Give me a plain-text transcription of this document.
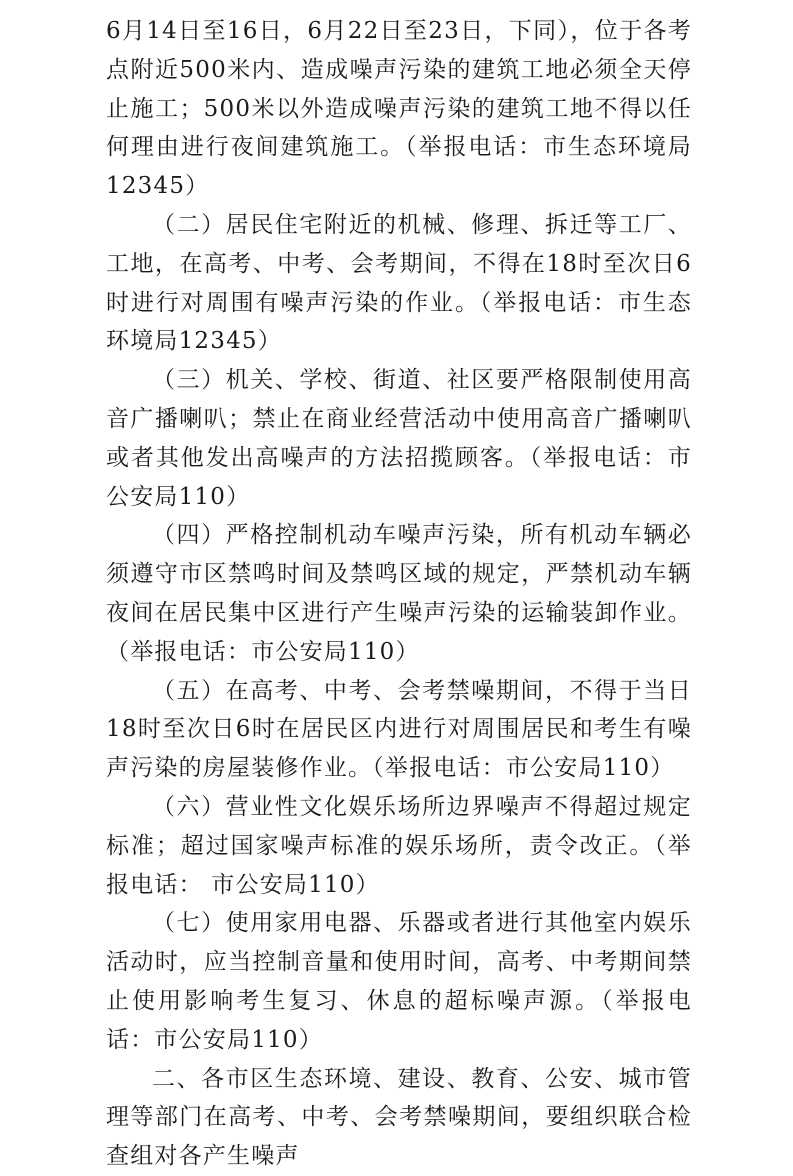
6月14日至16日，6月22日至23日，下同），位于各考点附近500米内、造成噪声污染的建筑工地必须全天停止施工；500米以外造成噪声污染的建筑工地不得以任何理由进行夜间建筑施工。（举报电话：市生态环境局12345）

（二）居民住宅附近的机械、修理、拆迁等工厂、工地，在高考、中考、会考期间，不得在18时至次日6时进行对周围有噪声污染的作业。（举报电话：市生态环境局12345）

（三）机关、学校、街道、社区要严格限制使用高音广播喇叭；禁止在商业经营活动中使用高音广播喇叭或者其他发出高噪声的方法招揽顾客。（举报电话：市公安局110）

（四）严格控制机动车噪声污染，所有机动车辆必须遵守市区禁鸣时间及禁鸣区域的规定，严禁机动车辆夜间在居民集中区进行产生噪声污染的运输装卸作业。（举报电话：市公安局110）

（五）在高考、中考、会考禁噪期间，不得于当日18时至次日6时在居民区内进行对周围居民和考生有噪声污染的房屋装修作业。（举报电话：市公安局110）

（六）营业性文化娱乐场所边界噪声不得超过规定标准；超过国家噪声标准的娱乐场所，责令改正。（举报电话： 市公安局110）

（七）使用家用电器、乐器或者进行其他室内娱乐活动时，应当控制音量和使用时间，高考、中考期间禁止使用影响考生复习、休息的超标噪声源。（举报电话：市公安局110）

二、各市区生态环境、建设、教育、公安、城市管理等部门在高考、中考、会考禁噪期间，要组织联合检查组对各产生噪声
